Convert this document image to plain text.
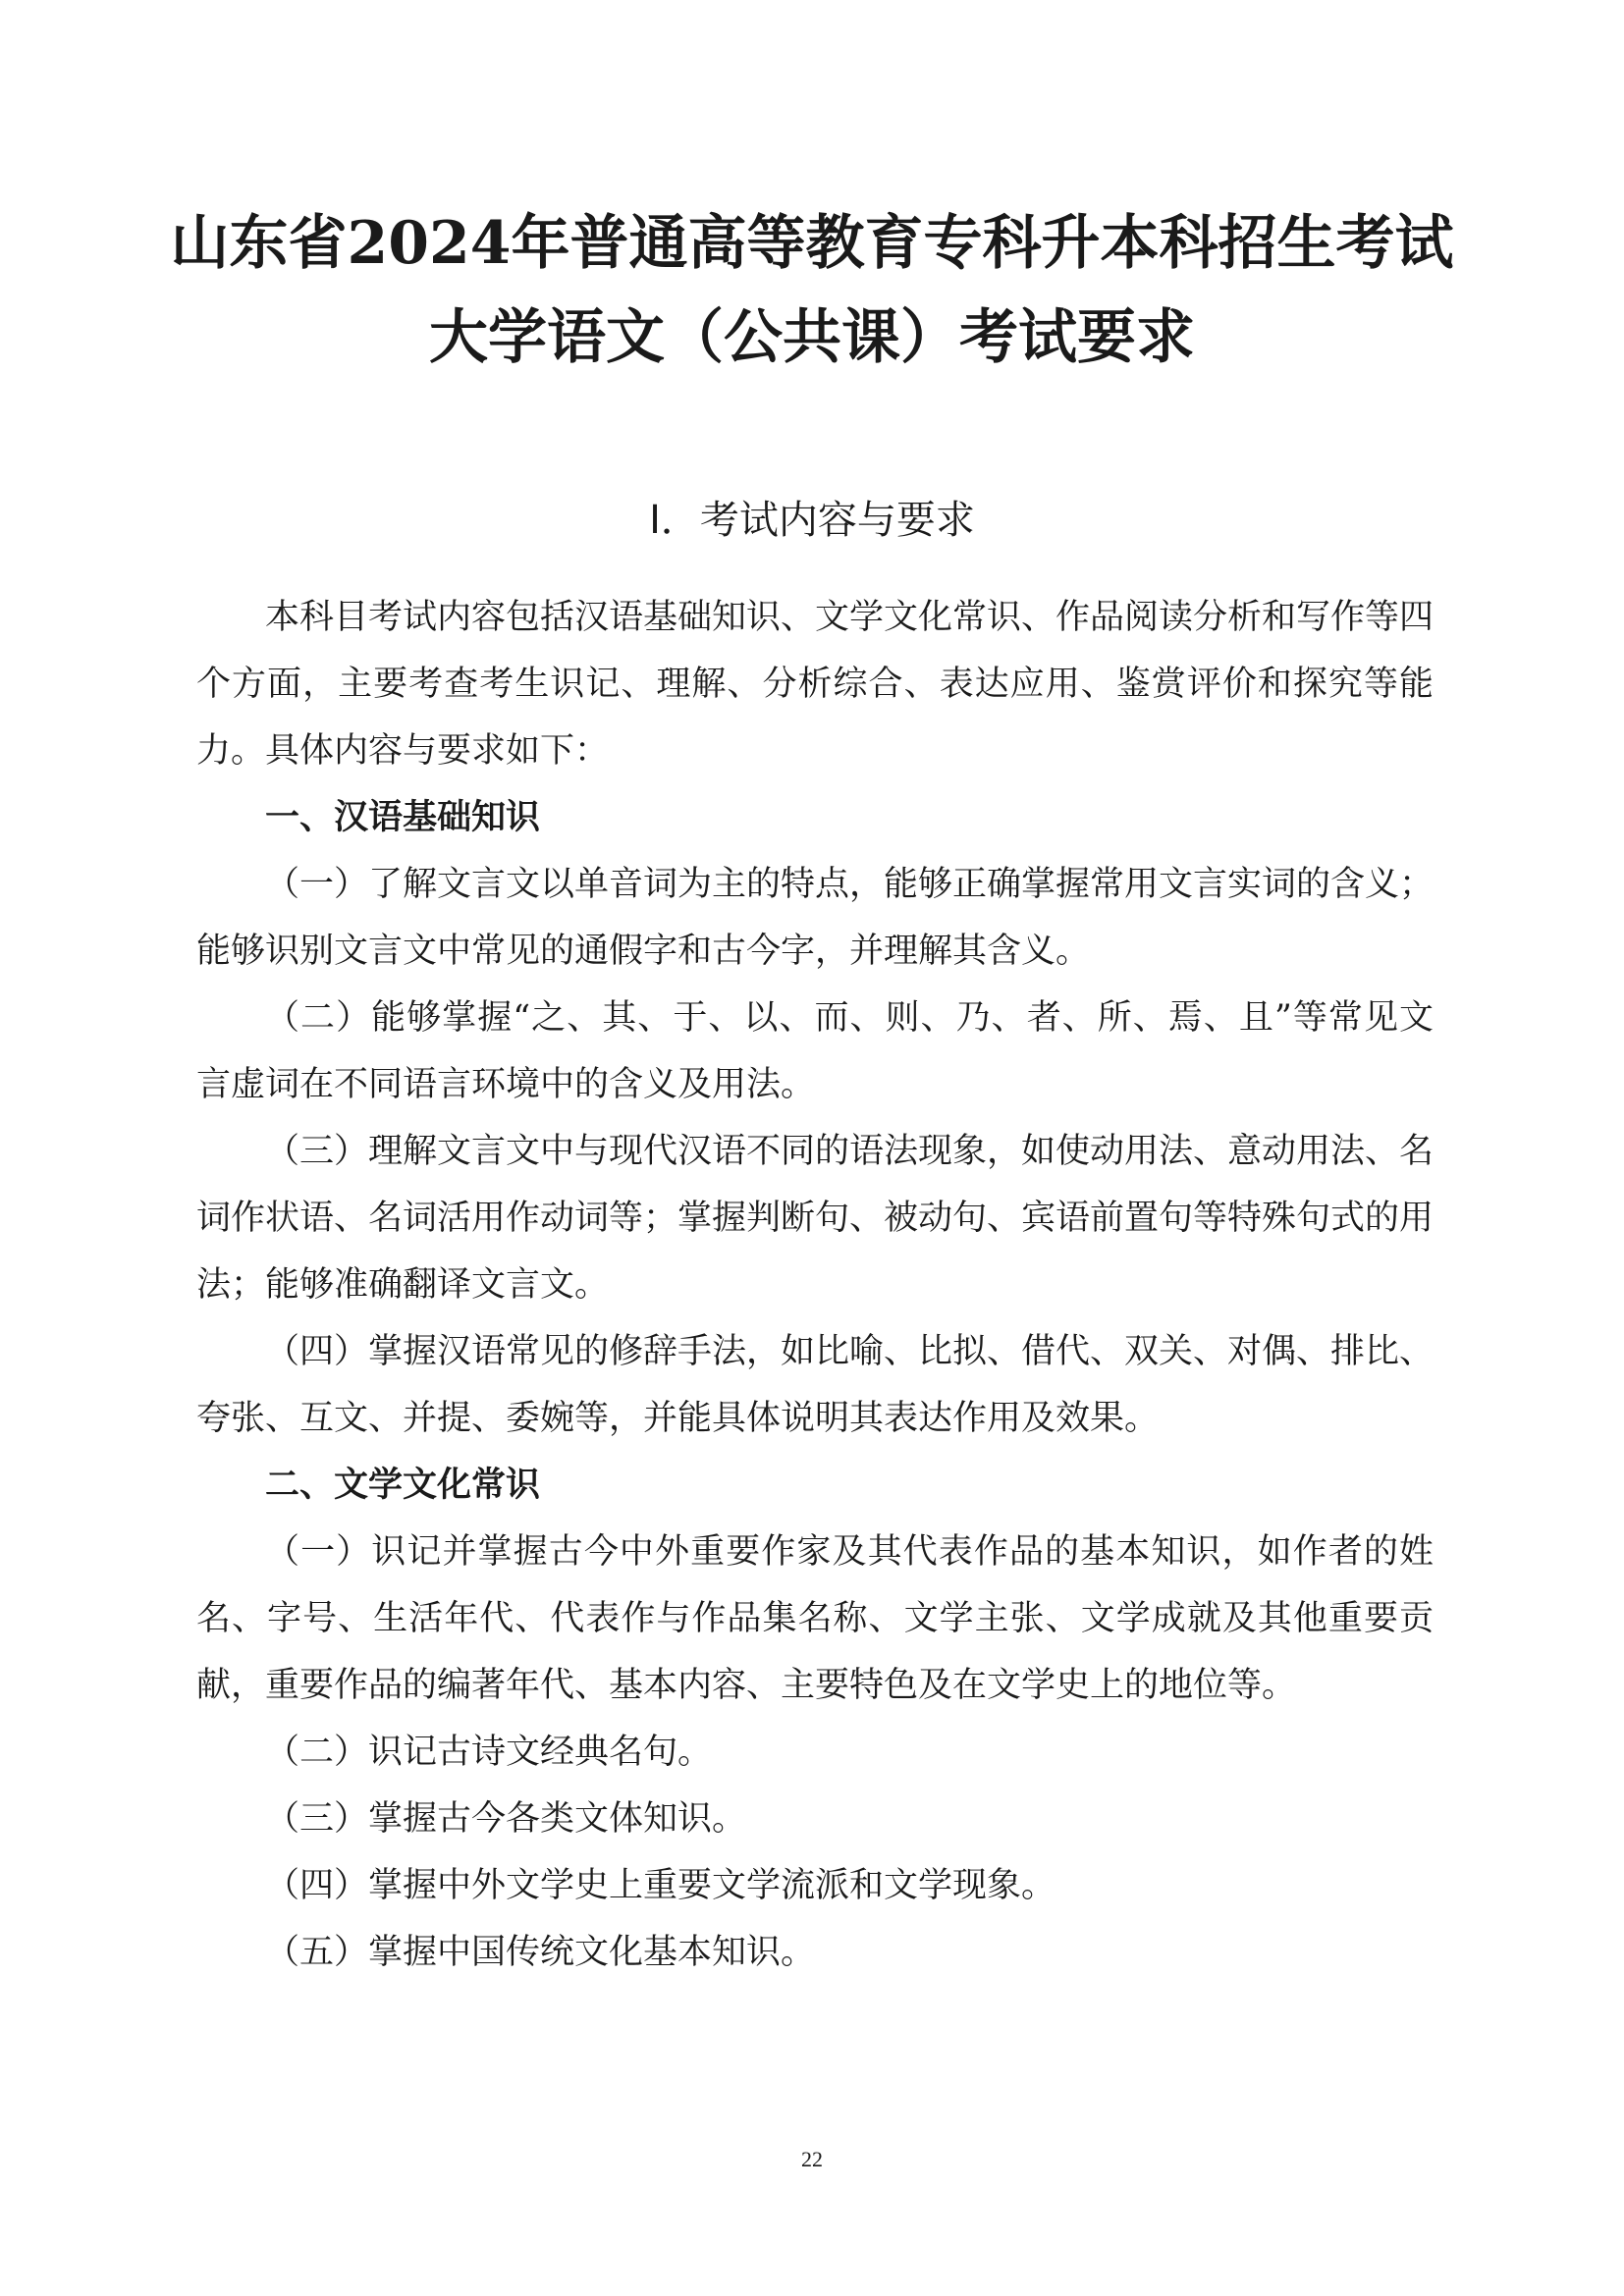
山东省2024年普通高等教育专科升本科招生考试
大学语文（公共课）考试要求
Ⅰ．考试内容与要求

本科目考试内容包括汉语基础知识、文学文化常识、作品阅读分析和写作等四个方面，主要考查考生识记、理解、分析综合、表达应用、鉴赏评价和探究等能力。具体内容与要求如下：

一、汉语基础知识

（一）了解文言文以单音词为主的特点，能够正确掌握常用文言实词的含义；能够识别文言文中常见的通假字和古今字，并理解其含义。

（二）能够掌握“之、其、于、以、而、则、乃、者、所、焉、且”等常见文言虚词在不同语言环境中的含义及用法。

（三）理解文言文中与现代汉语不同的语法现象，如使动用法、意动用法、名词作状语、名词活用作动词等；掌握判断句、被动句、宾语前置句等特殊句式的用法；能够准确翻译文言文。

（四）掌握汉语常见的修辞手法，如比喻、比拟、借代、双关、对偶、排比、夸张、互文、并提、委婉等，并能具体说明其表达作用及效果。

二、文学文化常识

（一）识记并掌握古今中外重要作家及其代表作品的基本知识，如作者的姓名、字号、生活年代、代表作与作品集名称、文学主张、文学成就及其他重要贡献，重要作品的编著年代、基本内容、主要特色及在文学史上的地位等。

（二）识记古诗文经典名句。

（三）掌握古今各类文体知识。

（四）掌握中外文学史上重要文学流派和文学现象。

（五）掌握中国传统文化基本知识。

22
